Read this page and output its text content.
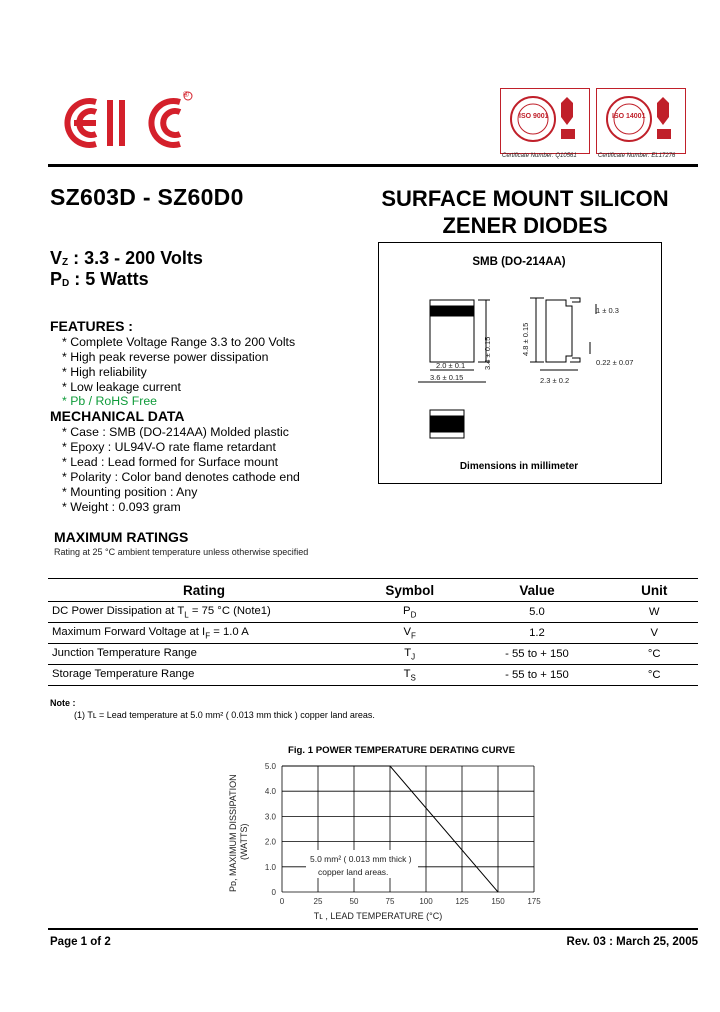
®
ISO 9001	ISO 14001
Certificate Number: Q10561	Certificate Number: EL17276
SZ603D - SZ60D0	SURFACE MOUNT SILICON
ZENER DIODES
$V_Z$ : 3.3 - 200 Volts
$P_D$ : 5 Watts
FEATURES :
* Complete Voltage Range 3.3 to 200 Volts
* High peak reverse power dissipation
* High reliability
* Low leakage current
* Pb / RoHS Free
MECHANICAL DATA
* Case : SMB (DO-214AA) Molded plastic
* Epoxy : UL94V-O rate flame retardant
* Lead : Lead formed for Surface mount
* Polarity : Color band denotes cathode end
* Mounting position : Any
* Weight : 0.093 gram
SMB (DO-214AA)
3.4 ± 0.15
2.0 ± 0.1
3.6 ± 0.15
4.8 ± 0.15
1 ± 0.3
0.22 ± 0.07
2.3 ± 0.2
Dimensions in millimeter
MAXIMUM RATINGS
Rating at 25 °C ambient temperature unless otherwise specified
Rating	Symbol	Value	Unit
DC Power Dissipation at $T_L = 75$ °C (Note1)	$P_D$	5.0	W
Maximum Forward Voltage at $I_F = 1.0$ A	$V_F$	1.2	V
Junction Temperature Range	$T_J$	- 55 to + 150	°C
Storage Temperature Range	$T_S$	- 55 to + 150	°C
Note :
(1) Tʟ = Lead temperature at 5.0 mm² ( 0.013 mm thick ) copper land areas.
Fig. 1 POWER TEMPERATURE DERATING CURVE
0	25	50	75	100	125	150	175
0
1.0
2.0
3.0
4.0
5.0
Pᴅ, MAXIMUM DISSIPATION (WATTS)
Tʟ , LEAD TEMPERATURE (°C)
5.0 mm² ( 0.013 mm thick )
copper land areas.
Page 1 of 2	Rev. 03 : March 25, 2005
